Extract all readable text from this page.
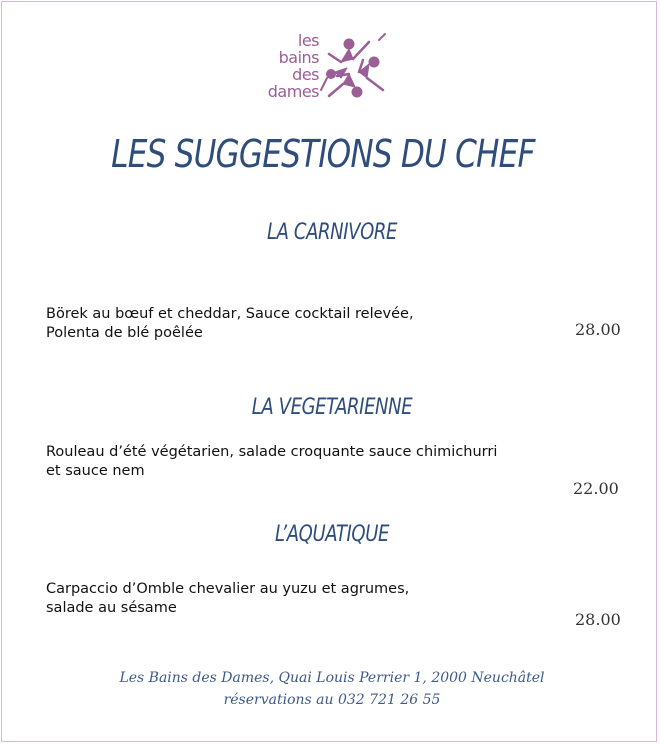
les
bains
des
dames
LES SUGGESTIONS DU CHEF
LA CARNIVORE
Börek au bœuf et cheddar, Sauce cocktail relevée,
Polenta de blé poêlée	28.00
LA VEGETARIENNE
Rouleau d’été végétarien, salade croquante sauce chimichurri
et sauce nem
22.00
L’AQUATIQUE
Carpaccio d’Omble chevalier au yuzu et agrumes,
salade au sésame
28.00
Les Bains des Dames, Quai Louis Perrier 1, 2000 Neuchâtel
réservations au 032 721 26 55
